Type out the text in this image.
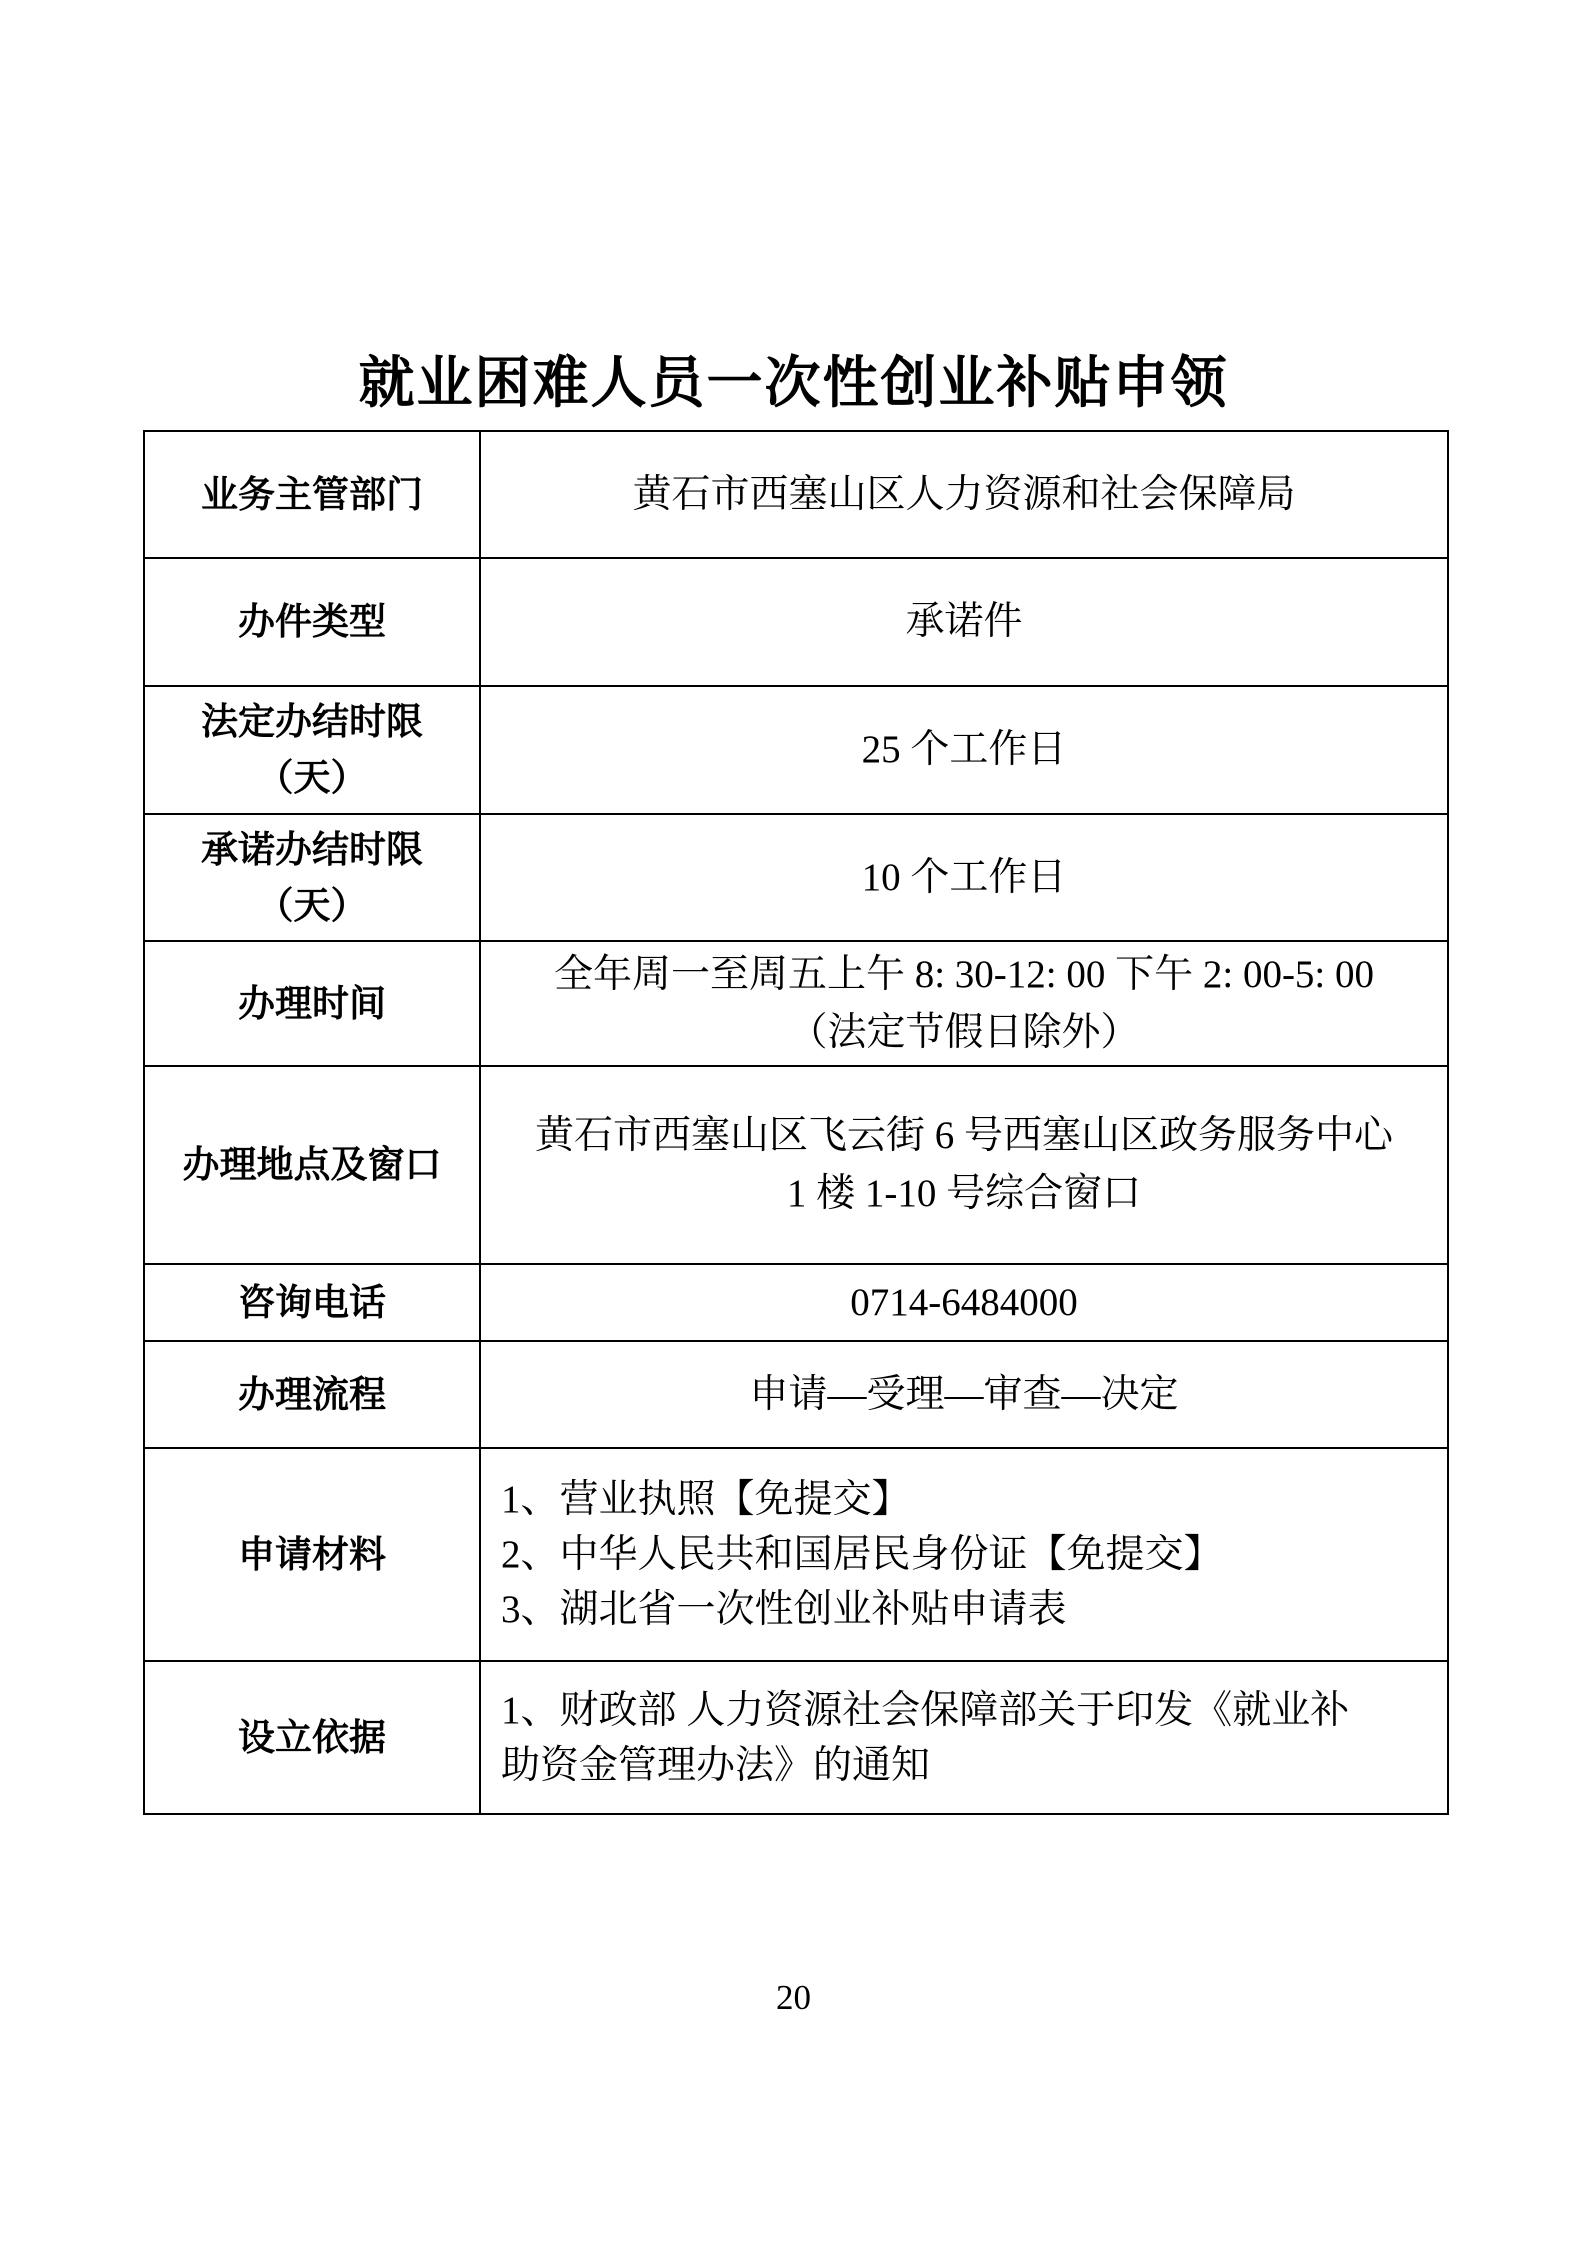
就业困难人员一次性创业补贴申领
业务主管部门	黄石市西塞山区人力资源和社会保障局

办件类型	承诺件

法定办结时限
（天）	25 个工作日

承诺办结时限
（天）	10 个工作日

办理时间	全年周一至周五上午 8: 30-12: 00 下午 2: 00-5: 00
（法定节假日除外）

办理地点及窗口	黄石市西塞山区飞云街 6 号西塞山区政务服务中心
1 楼 1-10 号综合窗口

咨询电话	0714-6484000

办理流程	申请—受理—审查—决定

申请材料	1、营业执照【免提交】
2、中华人民共和国居民身份证【免提交】
3、湖北省一次性创业补贴申请表

设立依据	1、财政部 人力资源社会保障部关于印发《就业补
助资金管理办法》的通知
20
